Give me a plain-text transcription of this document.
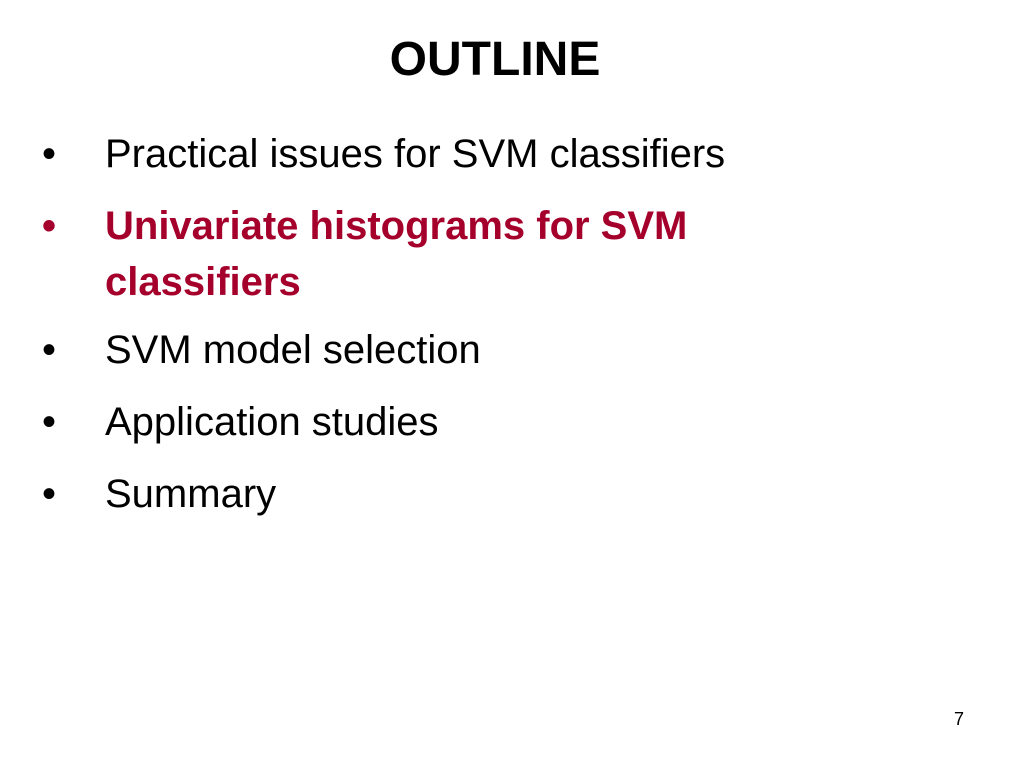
OUTLINE
• Practical issues for SVM classifiers
• Univariate histograms for SVM classifiers
• SVM model selection
• Application studies
• Summary
7
